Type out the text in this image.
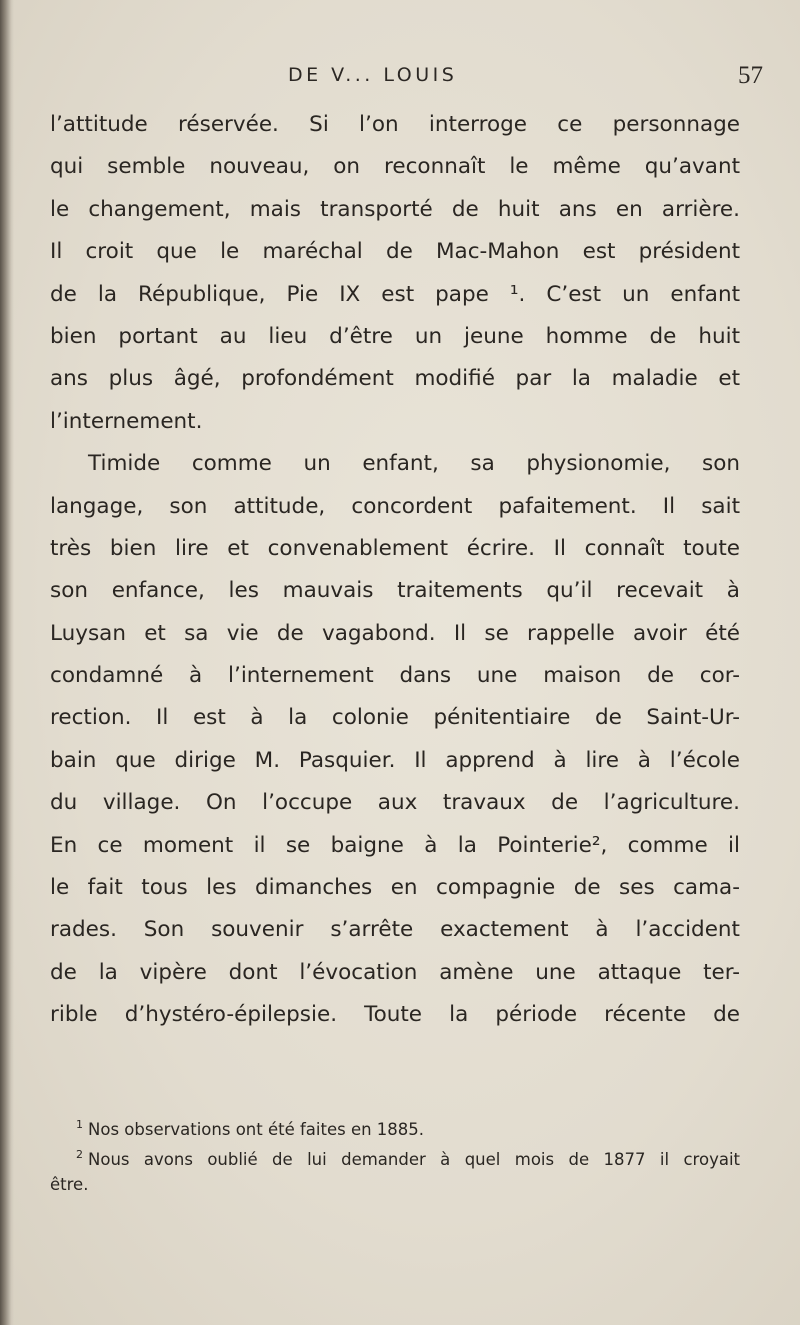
DE V... LOUIS	57
l’attitude réservée. Si l’on interroge ce personnage
qui semble nouveau, on reconnaît le même qu’avant
le changement, mais transporté de huit ans en arrière.
Il croit que le maréchal de Mac-Mahon est président
de la République, Pie IX est pape ¹. C’est un enfant
bien portant au lieu d’être un jeune homme de huit
ans plus âgé, profondément modifié par la maladie et
l’internement.
Timide comme un enfant, sa physionomie, son
langage, son attitude, concordent pafaitement. Il sait
très bien lire et convenablement écrire. Il connaît toute
son enfance, les mauvais traitements qu’il recevait à
Luysan et sa vie de vagabond. Il se rappelle avoir été
condamné à l’internement dans une maison de cor-
rection. Il est à la colonie pénitentiaire de Saint-Ur-
bain que dirige M. Pasquier. Il apprend à lire à l’école
du village. On l’occupe aux travaux de l’agriculture.
En ce moment il se baigne à la Pointerie², comme il
le fait tous les dimanches en compagnie de ses cama-
rades. Son souvenir s’arrête exactement à l’accident
de la vipère dont l’évocation amène une attaque ter-
rible d’hystéro-épilepsie. Toute la période récente de
$^1$ Nos observations ont été faites en 1885.
$^2$ Nous avons oublié de lui demander à quel mois de 1877 il croyait
être.
